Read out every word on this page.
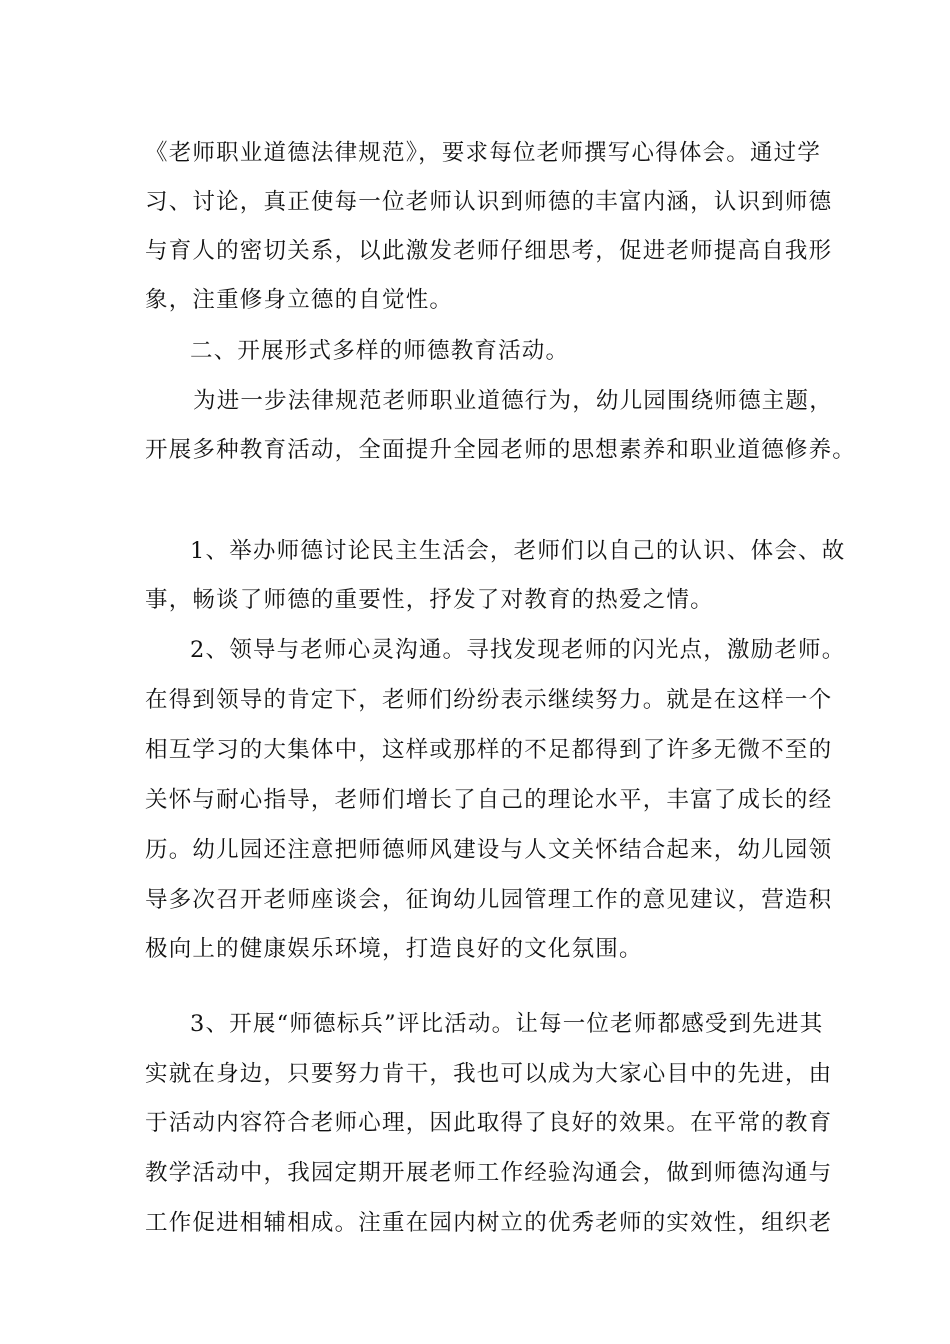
《老师职业道德法律规范》，要求每位老师撰写心得体会。通过学
习、讨论，真正使每一位老师认识到师德的丰富内涵，认识到师德
与育人的密切关系，以此激发老师仔细思考，促进老师提高自我形
象，注重修身立德的自觉性。
二、开展形式多样的师德教育活动。
为进一步法律规范老师职业道德行为，幼儿园围绕师德主题，
开展多种教育活动，全面提升全园老师的思想素养和职业道德修养。
1、举办师德讨论民主生活会，老师们以自己的认识、体会、故
事，畅谈了师德的重要性，抒发了对教育的热爱之情。
2、领导与老师心灵沟通。寻找发现老师的闪光点，激励老师。
在得到领导的肯定下，老师们纷纷表示继续努力。就是在这样一个
相互学习的大集体中，这样或那样的不足都得到了许多无微不至的
关怀与耐心指导，老师们增长了自己的理论水平，丰富了成长的经
历。幼儿园还注意把师德师风建设与人文关怀结合起来，幼儿园领
导多次召开老师座谈会，征询幼儿园管理工作的意见建议，营造积
极向上的健康娱乐环境，打造良好的文化氛围。
3、开展“师德标兵”评比活动。让每一位老师都感受到先进其
实就在身边，只要努力肯干，我也可以成为大家心目中的先进，由
于活动内容符合老师心理，因此取得了良好的效果。在平常的教育
教学活动中，我园定期开展老师工作经验沟通会，做到师德沟通与
工作促进相辅相成。注重在园内树立的优秀老师的实效性，组织老
